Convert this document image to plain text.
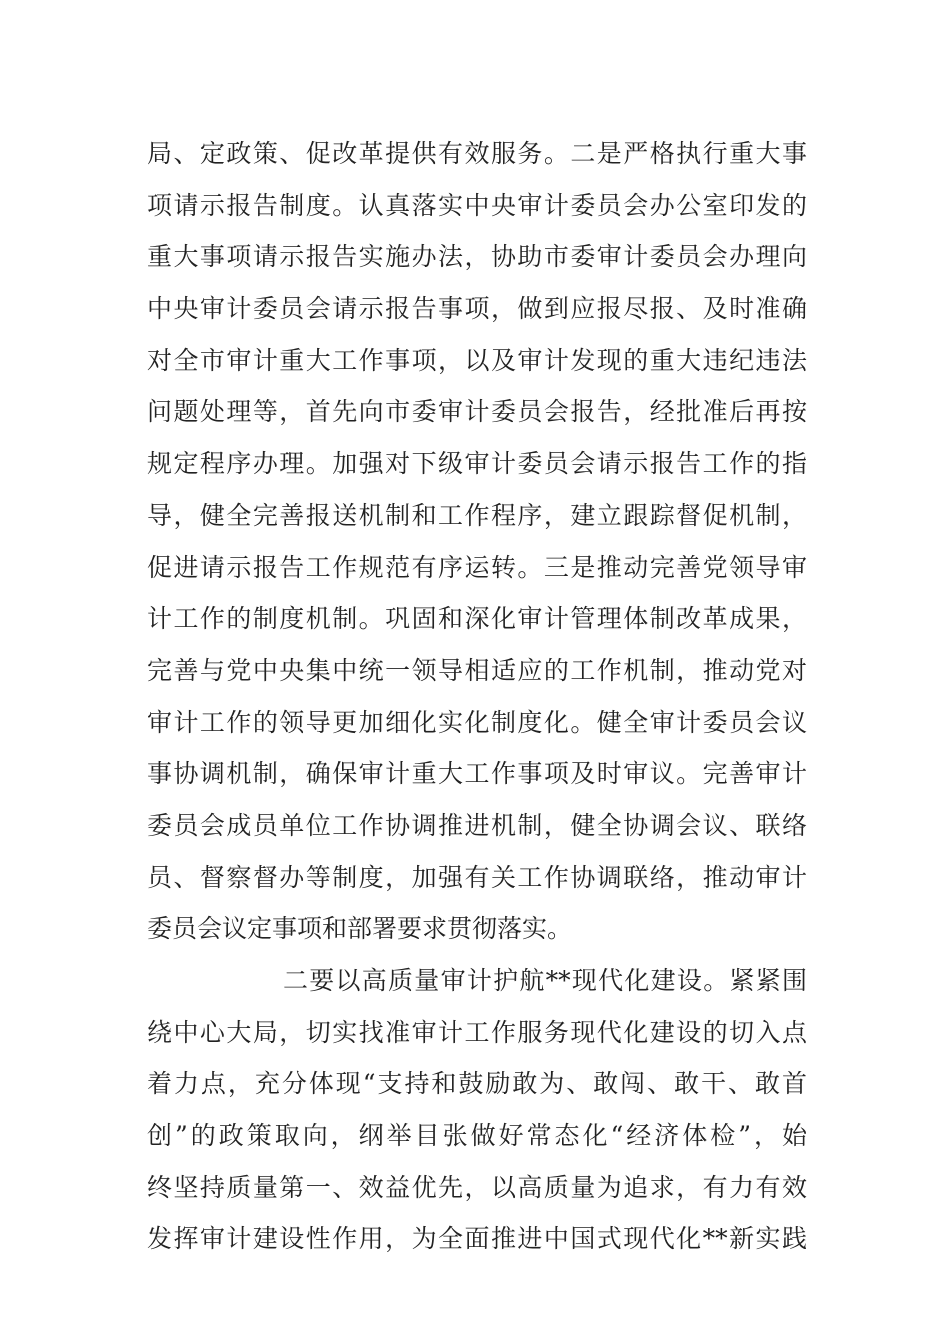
局、定政策、促改革提供有效服务。二是严格执行重大事
项请示报告制度。认真落实中央审计委员会办公室印发的
重大事项请示报告实施办法，协助市委审计委员会办理向
中央审计委员会请示报告事项，做到应报尽报、及时准确
对全市审计重大工作事项，以及审计发现的重大违纪违法
问题处理等，首先向市委审计委员会报告，经批准后再按
规定程序办理。加强对下级审计委员会请示报告工作的指
导，健全完善报送机制和工作程序，建立跟踪督促机制，
促进请示报告工作规范有序运转。三是推动完善党领导审
计工作的制度机制。巩固和深化审计管理体制改革成果，
完善与党中央集中统一领导相适应的工作机制，推动党对
审计工作的领导更加细化实化制度化。健全审计委员会议
事协调机制，确保审计重大工作事项及时审议。完善审计
委员会成员单位工作协调推进机制，健全协调会议、联络
员、督察督办等制度，加强有关工作协调联络，推动审计
委员会议定事项和部署要求贯彻落实。
二要以高质量审计护航**现代化建设。紧紧围
绕中心大局，切实找准审计工作服务现代化建设的切入点
着力点，充分体现“支持和鼓励敢为、敢闯、敢干、敢首
创”的政策取向，纲举目张做好常态化“经济体检”，始
终坚持质量第一、效益优先，以高质量为追求，有力有效
发挥审计建设性作用，为全面推进中国式现代化**新实践
